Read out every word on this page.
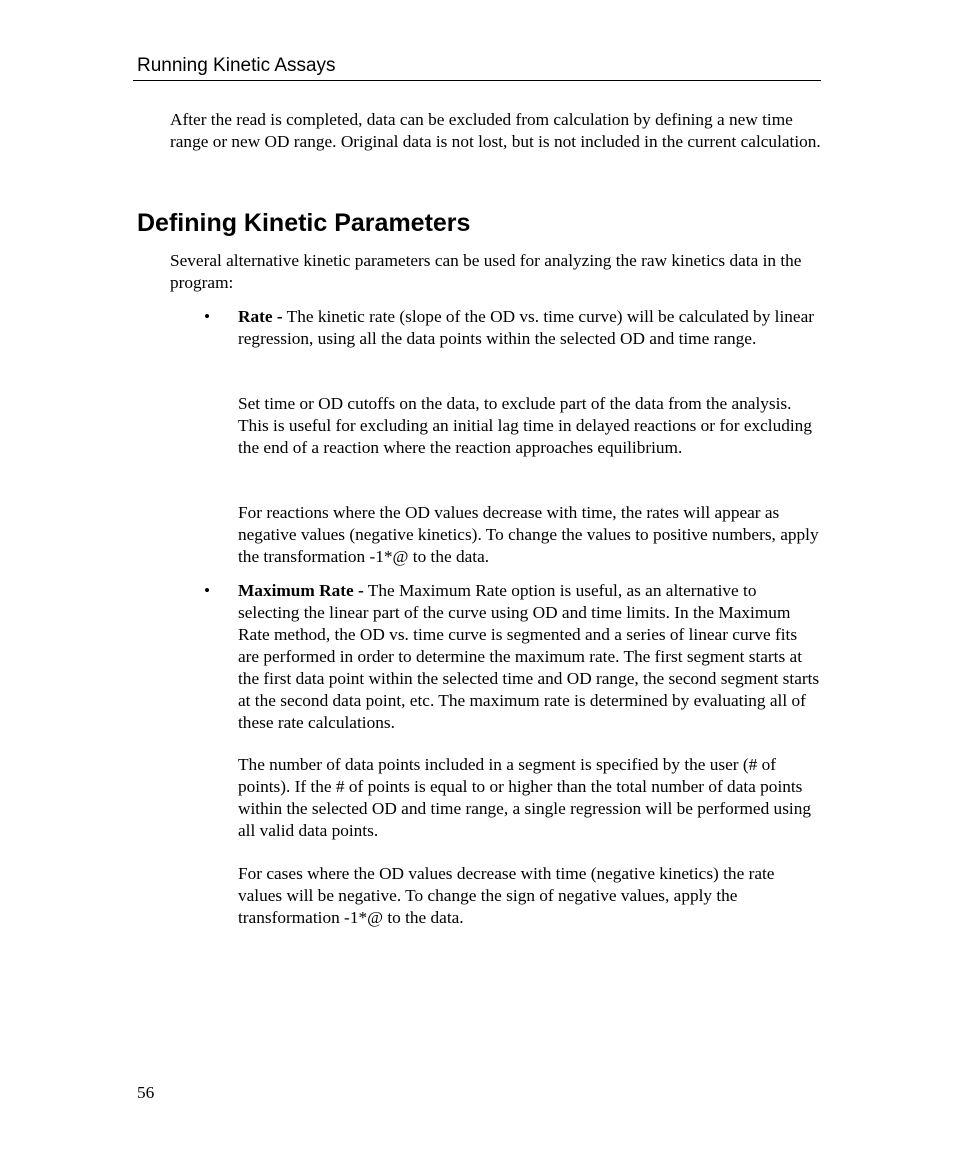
Running Kinetic Assays

After the read is completed, data can be excluded from calculation by defining a new time range or new OD range. Original data is not lost, but is not included in the current calculation.

Defining Kinetic Parameters

Several alternative kinetic parameters can be used for analyzing the raw kinetics data in the program:

• Rate - The kinetic rate (slope of the OD vs. time curve) will be calculated by linear regression, using all the data points within the selected OD and time range.

Set time or OD cutoffs on the data, to exclude part of the data from the analysis. This is useful for excluding an initial lag time in delayed reactions or for excluding the end of a reaction where the reaction approaches equilibrium.

For reactions where the OD values decrease with time, the rates will appear as negative values (negative kinetics). To change the values to positive numbers, apply the transformation -1*@ to the data.

• Maximum Rate - The Maximum Rate option is useful, as an alternative to selecting the linear part of the curve using OD and time limits. In the Maximum Rate method, the OD vs. time curve is segmented and a series of linear curve fits are performed in order to determine the maximum rate. The first segment starts at the first data point within the selected time and OD range, the second segment starts at the second data point, etc. The maximum rate is determined by evaluating all of these rate calculations.

The number of data points included in a segment is specified by the user (# of points). If the # of points is equal to or higher than the total number of data points within the selected OD and time range, a single regression will be performed using all valid data points.

For cases where the OD values decrease with time (negative kinetics) the rate values will be negative. To change the sign of negative values, apply the transformation -1*@ to the data.

56
